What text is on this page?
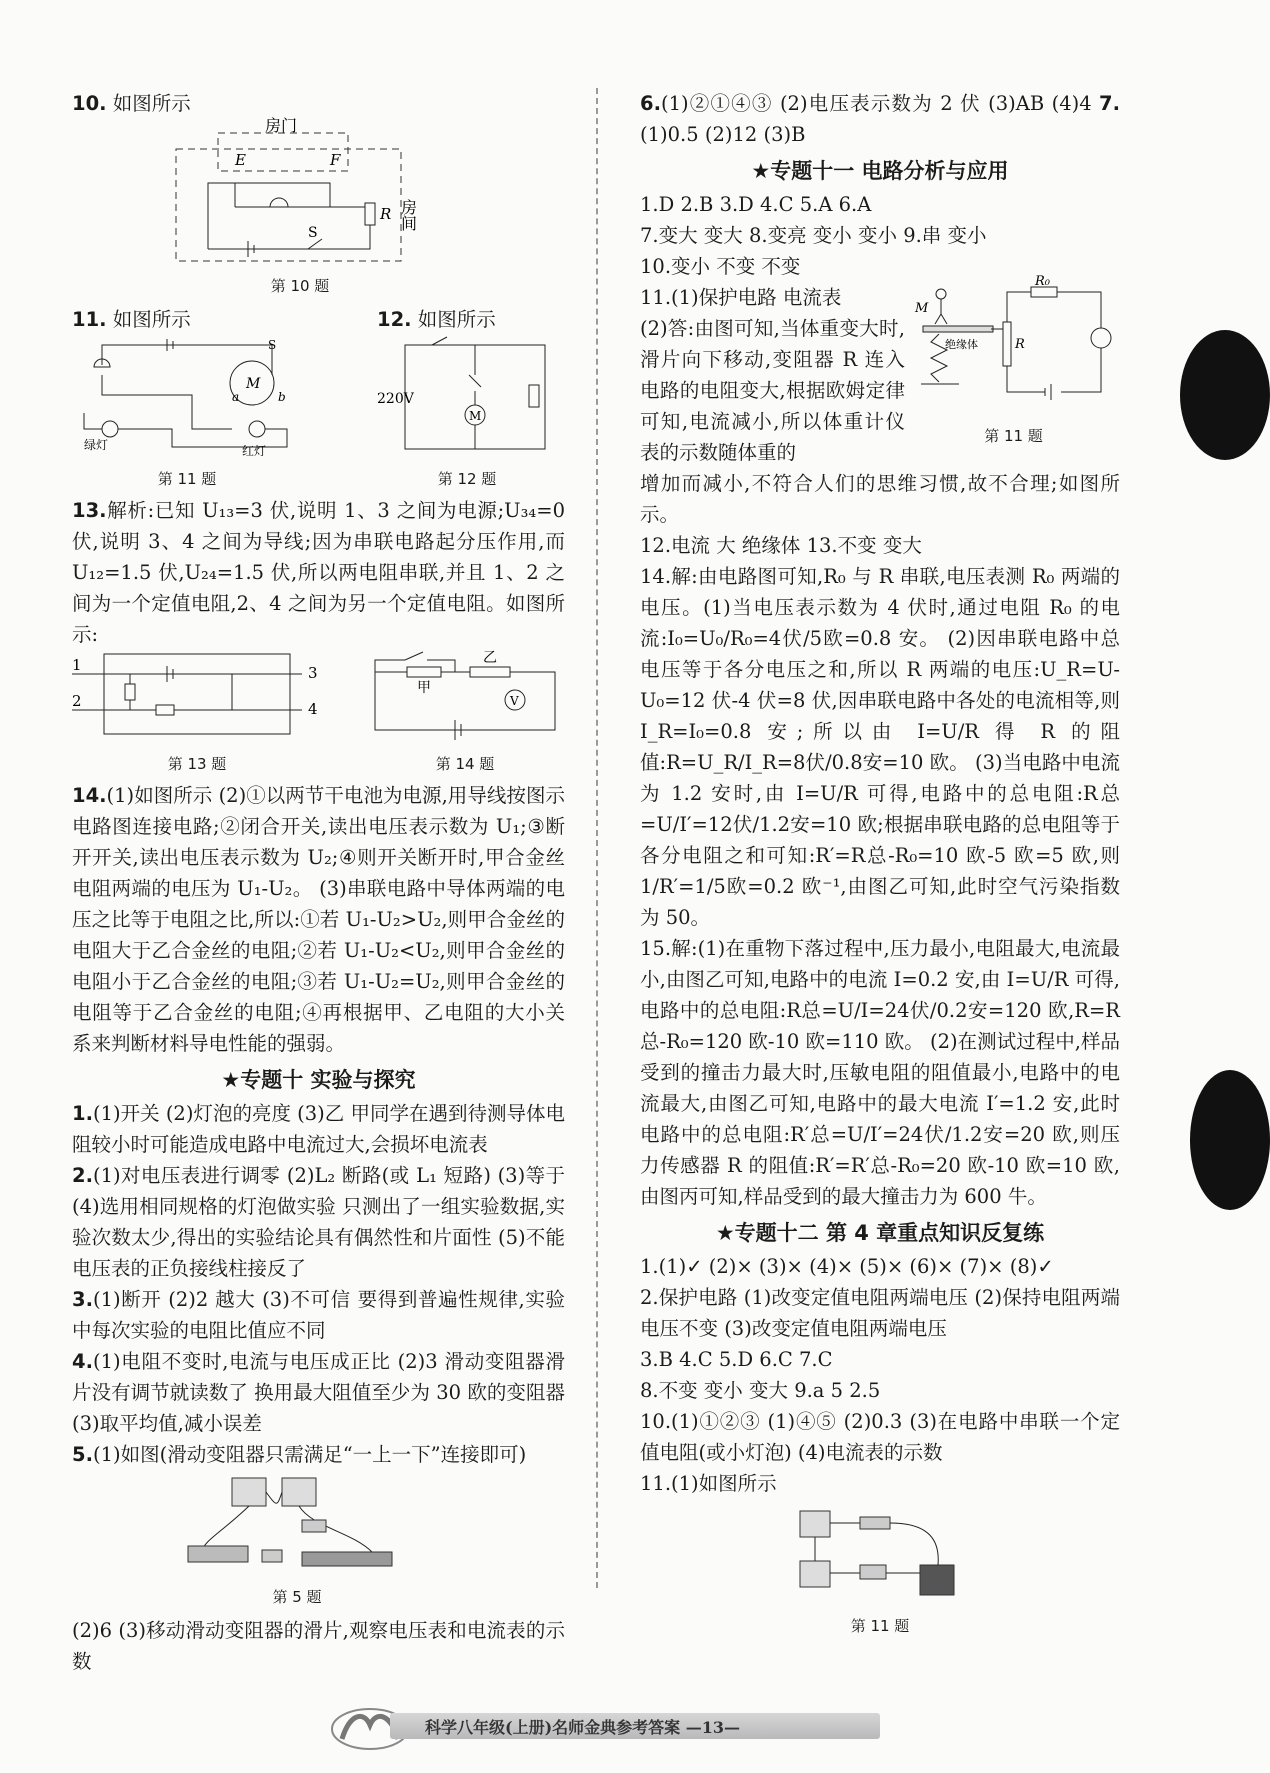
10. 如图所示

房门
E	F
R
S
房间
第 10 题

11. 如图所示

M
S
a	b
绿灯	红灯
第 11 题

12. 如图所示

M
220V
第 12 题

13.解析:已知 U₁₃=3 伏,说明 1、3 之间为电源;U₃₄=0 伏,说明 3、4 之间为导线;因为串联电路起分压作用,而 U₁₂=1.5 伏,U₂₄=1.5 伏,所以两电阻串联,并且 1、2 之间为一个定值电阻,2、4 之间为另一个定值电阻。如图所示:

1
2
3
4
第 13 题
甲
乙
V
第 14 题

14.(1)如图所示 (2)①以两节干电池为电源,用导线按图示电路图连接电路;②闭合开关,读出电压表示数为 U₁;③断开开关,读出电压表示数为 U₂;④则开关断开时,甲合金丝电阻两端的电压为 U₁-U₂。 (3)串联电路中导体两端的电压之比等于电阻之比,所以:①若 U₁-U₂>U₂,则甲合金丝的电阻大于乙合金丝的电阻;②若 U₁-U₂<U₂,则甲合金丝的电阻小于乙合金丝的电阻;③若 U₁-U₂=U₂,则甲合金丝的电阻等于乙合金丝的电阻;④再根据甲、乙电阻的大小关系来判断材料导电性能的强弱。

★专题十 实验与探究

1.(1)开关 (2)灯泡的亮度 (3)乙 甲同学在遇到待测导体电阻较小时可能造成电路中电流过大,会损坏电流表

2.(1)对电压表进行调零 (2)L₂ 断路(或 L₁ 短路) (3)等于 (4)选用相同规格的灯泡做实验 只测出了一组实验数据,实验次数太少,得出的实验结论具有偶然性和片面性 (5)不能 电压表的正负接线柱接反了

3.(1)断开 (2)2 越大 (3)不可信 要得到普遍性规律,实验中每次实验的电阻比值应不同

4.(1)电阻不变时,电流与电压成正比 (2)3 滑动变阻器滑片没有调节就读数了 换用最大阻值至少为 30 欧的变阻器 (3)取平均值,减小误差

5.(1)如图(滑动变阻器只需满足“一上一下”连接即可)

第 5 题

(2)6 (3)移动滑动变阻器的滑片,观察电压表和电流表的示数

6.(1)②①④③ (2)电压表示数为 2 伏 (3)AB (4)4 7.(1)0.5 (2)12 (3)B

★专题十一 电路分析与应用

1.D 2.B 3.D 4.C 5.A 6.A

7.变大 变大 8.变亮 变小 变小 9.串 变小

10.变小 不变 不变

11.(1)保护电路 电流表

(2)答:由图可知,当体重变大时,滑片向下移动,变阻器 R 连入电路的电阻变大,根据欧姆定律可知,电流减小,所以体重计仪表的示数随体重的

M
绝缘体
R₀
R
第 11 题

增加而减小,不符合人们的思维习惯,故不合理;如图所示。

12.电流 大 绝缘体 13.不变 变大

14.解:由电路图可知,R₀ 与 R 串联,电压表测 R₀ 两端的电压。(1)当电压表示数为 4 伏时,通过电阻 R₀ 的电流:I₀=U₀/R₀=4伏/5欧=0.8 安。 (2)因串联电路中总电压等于各分电压之和,所以 R 两端的电压:U_R=U-U₀=12 伏-4 伏=8 伏,因串联电路中各处的电流相等,则 I_R=I₀=0.8 安;所以由 I=U/R 得 R 的阻值:R=U_R/I_R=8伏/0.8安=10 欧。 (3)当电路中电流为 1.2 安时,由 I=U/R 可得,电路中的总电阻:R总=U/I′=12伏/1.2安=10 欧;根据串联电路的总电阻等于各分电阻之和可知:R′=R总-R₀=10 欧-5 欧=5 欧,则 1/R′=1/5欧=0.2 欧⁻¹,由图乙可知,此时空气污染指数为 50。

15.解:(1)在重物下落过程中,压力最小,电阻最大,电流最小,由图乙可知,电路中的电流 I=0.2 安,由 I=U/R 可得,电路中的总电阻:R总=U/I=24伏/0.2安=120 欧,R=R总-R₀=120 欧-10 欧=110 欧。 (2)在测试过程中,样品受到的撞击力最大时,压敏电阻的阻值最小,电路中的电流最大,由图乙可知,电路中的最大电流 I′=1.2 安,此时电路中的总电阻:R′总=U/I′=24伏/1.2安=20 欧,则压力传感器 R 的阻值:R′=R′总-R₀=20 欧-10 欧=10 欧,由图丙可知,样品受到的最大撞击力为 600 牛。

★专题十二 第 4 章重点知识反复练

1.(1)✓ (2)× (3)× (4)× (5)× (6)× (7)× (8)✓

2.保护电路 (1)改变定值电阻两端电压 (2)保持电阻两端电压不变 (3)改变定值电阻两端电压

3.B 4.C 5.D 6.C 7.C

8.不变 变小 变大 9.a 5 2.5

10.(1)①②③ (1)④⑤ (2)0.3 (3)在电路中串联一个定值电阻(或小灯泡) (4)电流表的示数

11.(1)如图所示

第 11 题
科学八年级(上册)名师金典参考答案 —13—
